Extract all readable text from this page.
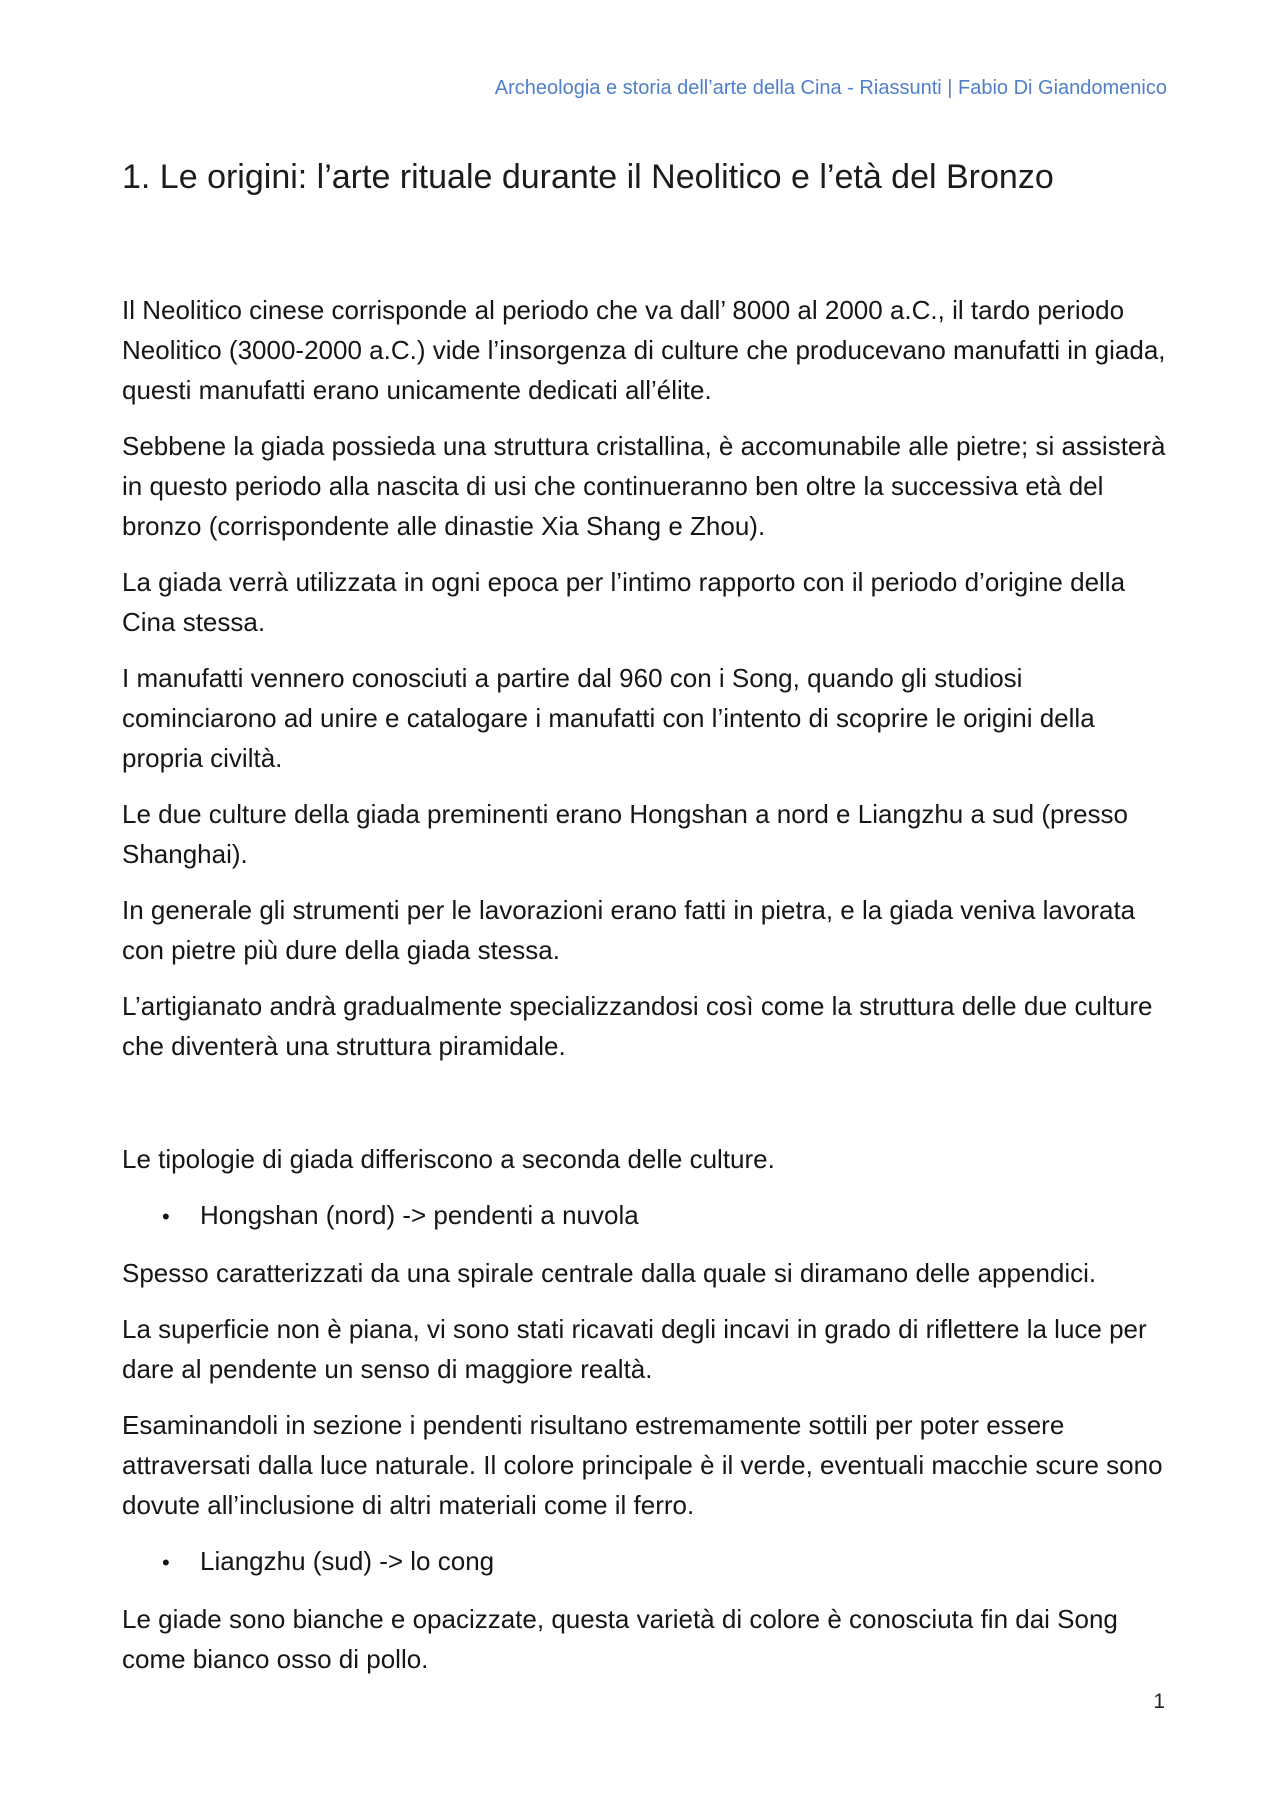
Archeologia e storia dell’arte della Cina - Riassunti | Fabio Di Giandomenico
1. Le origini: l’arte rituale durante il Neolitico e l’età del Bronzo

Il Neolitico cinese corrisponde al periodo che va dall’ 8000 al 2000 a.C., il tardo periodo Neolitico (3000-2000 a.C.) vide l’insorgenza di culture che producevano manufatti in giada, questi manufatti erano unicamente dedicati all’élite.

Sebbene la giada possieda una struttura cristallina, è accomunabile alle pietre; si assisterà in questo periodo alla nascita di usi che continueranno ben oltre la successiva età del bronzo (corrispondente alle dinastie Xia Shang e Zhou).

La giada verrà utilizzata in ogni epoca per l’intimo rapporto con il periodo d’origine della Cina stessa.

I manufatti vennero conosciuti a partire dal 960 con i Song, quando gli studiosi cominciarono ad unire e catalogare i manufatti con l’intento di scoprire le origini della propria civiltà.

Le due culture della giada preminenti erano Hongshan a nord e Liangzhu a sud (presso Shanghai).

In generale gli strumenti per le lavorazioni erano fatti in pietra, e la giada veniva lavorata con pietre più dure della giada stessa.

L’artigianato andrà gradualmente specializzandosi così come la struttura delle due culture che diventerà una struttura piramidale.

Le tipologie di giada differiscono a seconda delle culture.

•	Hongshan (nord) -> pendenti a nuvola

Spesso caratterizzati da una spirale centrale dalla quale si diramano delle appendici.

La superficie non è piana, vi sono stati ricavati degli incavi in grado di riflettere la luce per dare al pendente un senso di maggiore realtà.

Esaminandoli in sezione i pendenti risultano estremamente sottili per poter essere attraversati dalla luce naturale. Il colore principale è il verde, eventuali macchie scure sono dovute all’inclusione di altri materiali come il ferro.

•	Liangzhu (sud) -> lo cong

Le giade sono bianche e opacizzate, questa varietà di colore è conosciuta fin dai Song come bianco osso di pollo.

1
